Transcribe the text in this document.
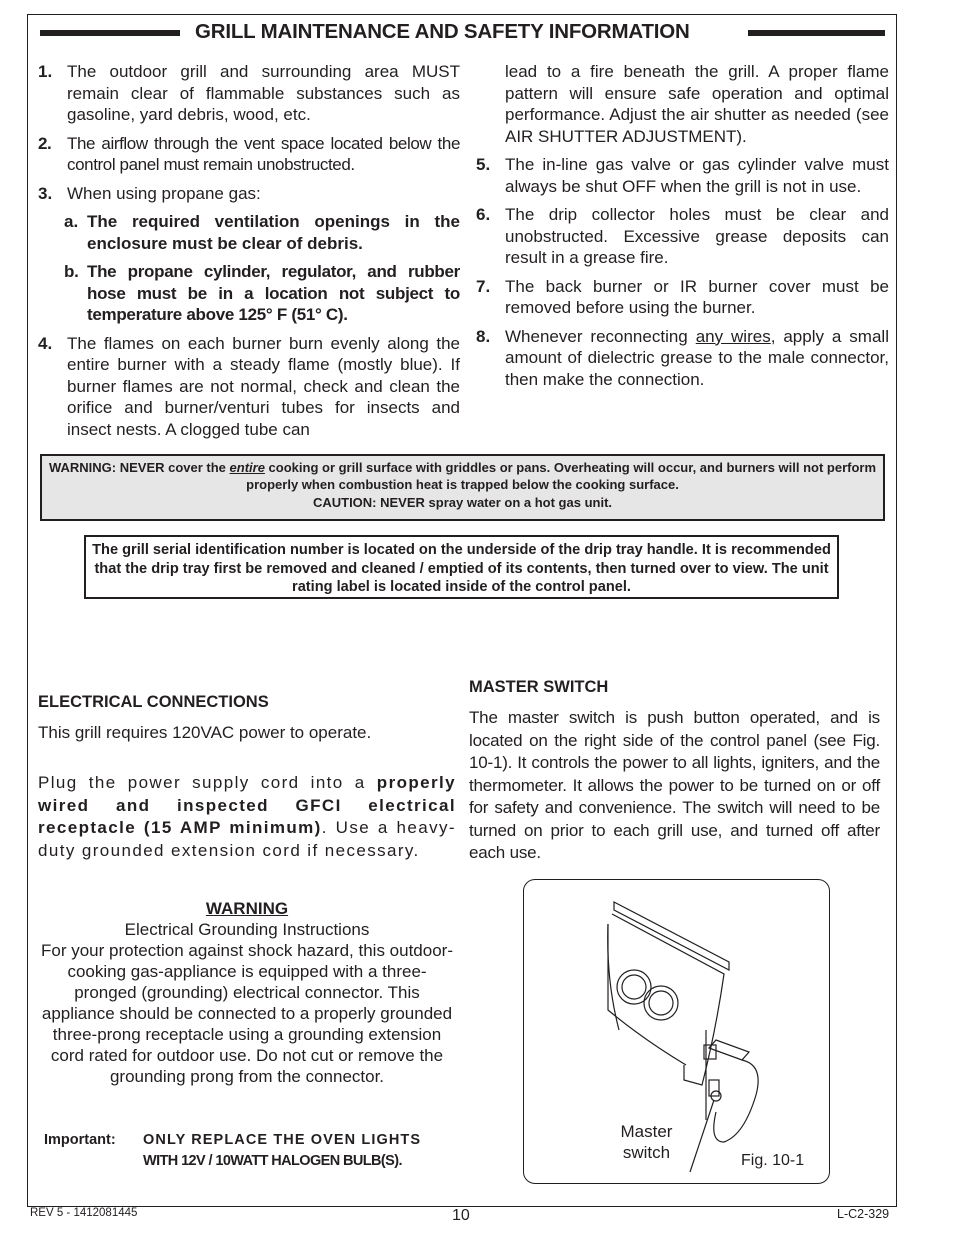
GRILL MAINTENANCE AND SAFETY INFORMATION
1. The outdoor grill and surrounding area MUST remain clear of flammable substances such as gasoline, yard debris, wood, etc.
2. The airflow through the vent space located below the control panel must remain unobstructed.
3. When using propane gas:
a. The required ventilation openings in the enclosure must be clear of debris.
b. The propane cylinder, regulator, and rubber hose must be in a location not subject to temperature above 125° F (51° C).
4. The flames on each burner burn evenly along the entire burner with a steady flame (mostly blue). If burner flames are not normal, check and clean the orifice and burner/venturi tubes for insects and insect nests. A clogged tube can
lead to a fire beneath the grill. A proper flame pattern will ensure safe operation and optimal performance. Adjust the air shutter as needed (see AIR SHUTTER ADJUSTMENT).
5. The in-line gas valve or gas cylinder valve must always be shut OFF when the grill is not in use.
6. The drip collector holes must be clear and unobstructed. Excessive grease deposits can result in a grease fire.
7. The back burner or IR burner cover must be removed before using the burner.
8. Whenever reconnecting any wires, apply a small amount of dielectric grease to the male connector, then make the connection.
WARNING: NEVER cover the entire cooking or grill surface with griddles or pans. Overheating will occur, and burners will not perform properly when combustion heat is trapped below the cooking surface.
CAUTION: NEVER spray water on a hot gas unit.
The grill serial identification number is located on the underside of the drip tray handle. It is recommended that the drip tray first be removed and cleaned / emptied of its contents, then turned over to view. The unit rating label is located inside of the control panel.
ELECTRICAL CONNECTIONS
This grill requires 120VAC power to operate.
Plug the power supply cord into a properly wired and inspected GFCI electrical receptacle (15 AMP minimum). Use a heavy-duty grounded extension cord if necessary.
WARNING
Electrical Grounding Instructions
For your protection against shock hazard, this outdoor-cooking gas-appliance is equipped with a three-pronged (grounding) electrical connector. This appliance should be connected to a properly grounded three-prong receptacle using a grounding extension cord rated for outdoor use. Do not cut or remove the grounding prong from the connector.
Important: ONLY REPLACE THE OVEN LIGHTS
WITH 12V / 10WATT HALOGEN BULB(S).
MASTER SWITCH
The master switch is push button operated, and is located on the right side of the control panel (see Fig. 10-1). It controls the power to all lights, igniters, and the thermometer. It allows the power to be turned on or off for safety and convenience. The switch will need to be turned on prior to each grill use, and turned off after each use.
Master
switch	Fig. 10-1
REV 5 - 1412081445	10	L-C2-329
